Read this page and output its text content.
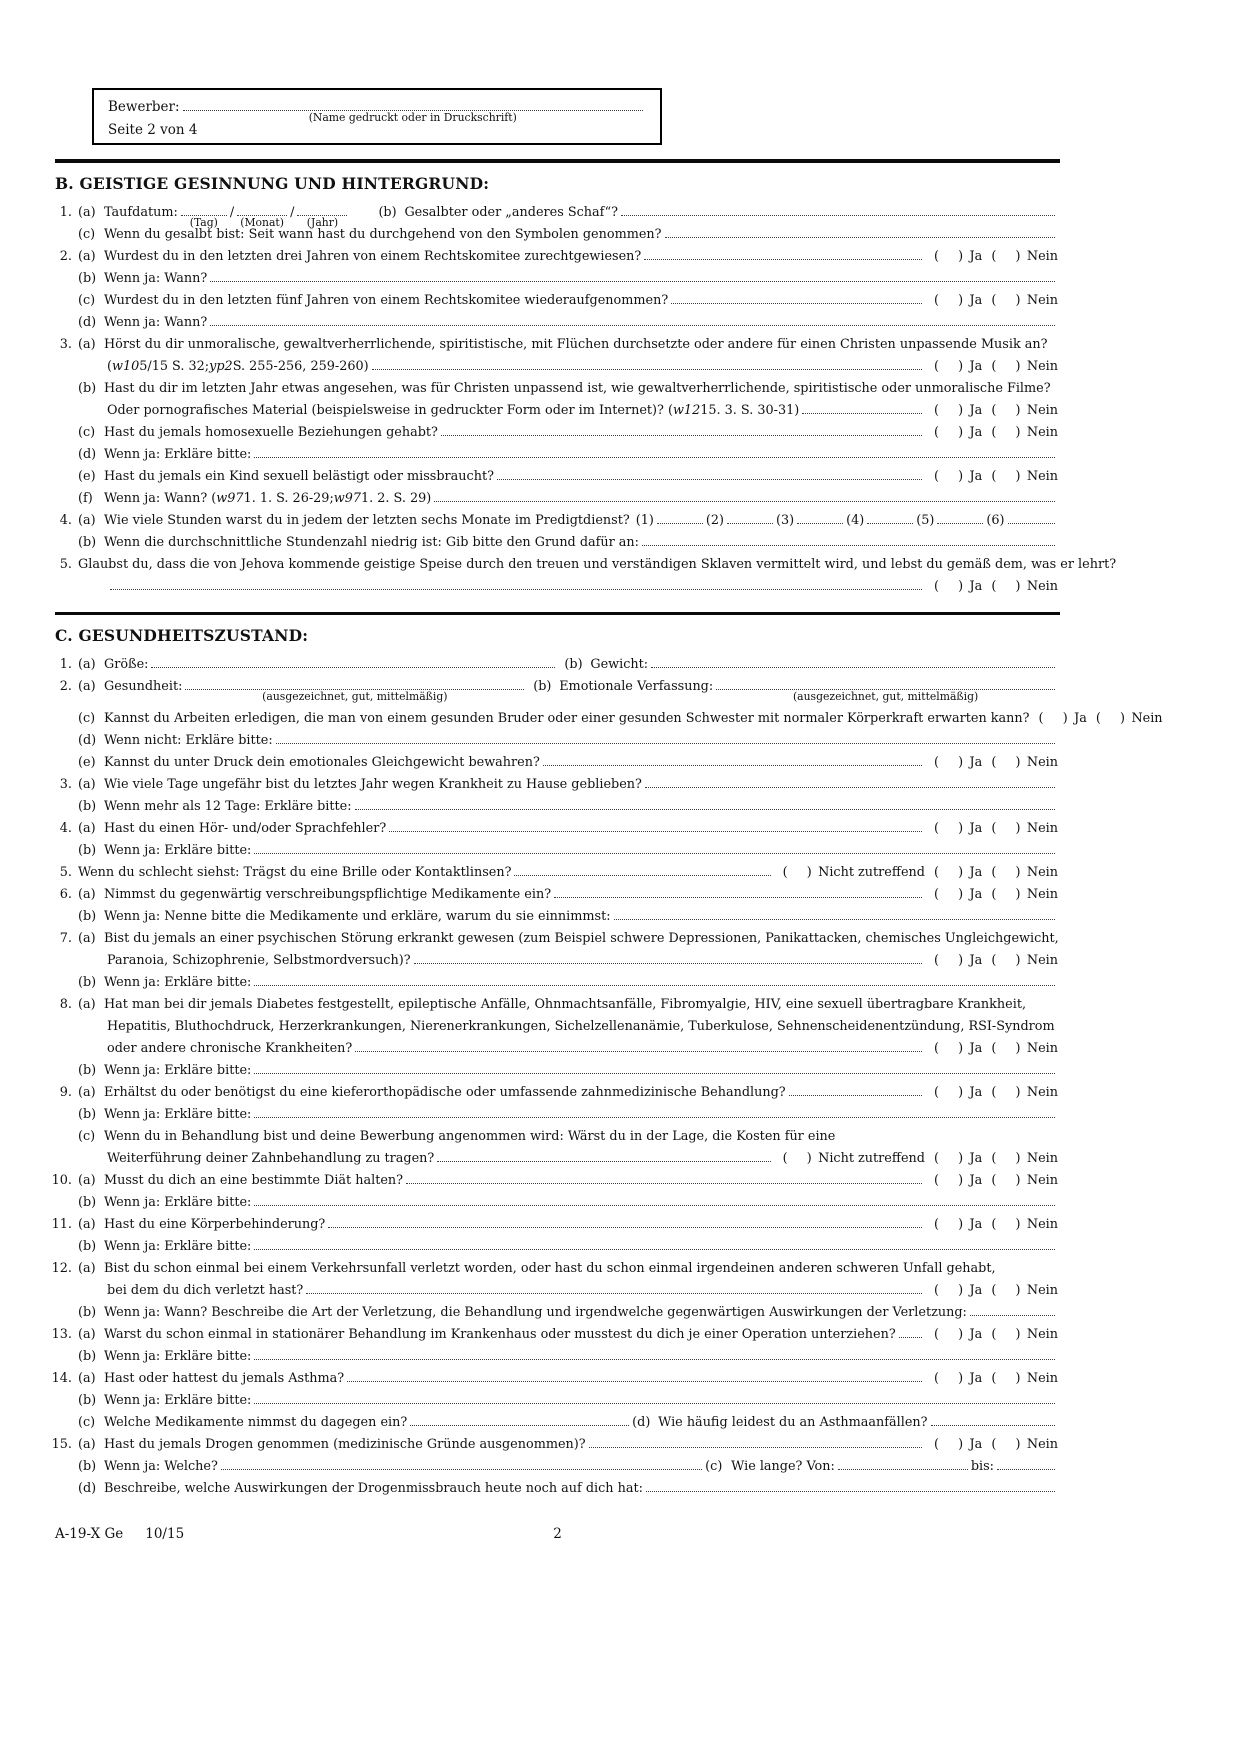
Bewerber:
(Name gedruckt oder in Druckschrift)
Seite 2 von 4
B. GEISTIGE GESINNUNG UND HINTERGRUND:
1. (a) Taufdatum:
(Tag)
/
(Monat)
/
(Jahr)
(b) Gesalbter oder „anderes Schaf“?
(c) Wenn du gesalbt bist: Seit wann hast du durchgehend von den Symbolen genommen?
2. (a) Wurdest du in den letzten drei Jahren von einem Rechtskomitee zurechtgewiesen?	(   ) Ja (   ) Nein
(b) Wenn ja: Wann?
(c) Wurdest du in den letzten fünf Jahren von einem Rechtskomitee wiederaufgenommen?	(   ) Ja (   ) Nein
(d) Wenn ja: Wann?
3. (a) Hörst du dir unmoralische, gewaltverherrlichende, spiritistische, mit Flüchen durchsetzte oder andere für einen Christen unpassende Musik an?
( w10 5/15 S. 32; yp2 S. 255-256, 259-260)	(   ) Ja (   ) Nein
(b) Hast du dir im letzten Jahr etwas angesehen, was für Christen unpassend ist, wie gewaltverherrlichende, spiritistische oder unmoralische Filme?
Oder pornografisches Material (beispielsweise in gedruckter Form oder im Internet)? ( w12 15. 3. S. 30-31)	(   ) Ja (   ) Nein
(c) Hast du jemals homosexuelle Beziehungen gehabt?	(   ) Ja (   ) Nein
(d) Wenn ja: Erkläre bitte:
(e) Hast du jemals ein Kind sexuell belästigt oder missbraucht?	(   ) Ja (   ) Nein
(f) Wenn ja: Wann? ( w97 1. 1. S. 26-29; w97 1. 2. S. 29)
4. (a) Wie viele Stunden warst du in jedem der letzten sechs Monate im Predigtdienst? (1)	(2)	(3)	(4)	(5)	(6)
(b) Wenn die durchschnittliche Stundenzahl niedrig ist: Gib bitte den Grund dafür an:
5. Glaubst du, dass die von Jehova kommende geistige Speise durch den treuen und verständigen Sklaven vermittelt wird, und lebst du gemäß dem, was er lehrt?
(   ) Ja (   ) Nein
C. GESUNDHEITSZUSTAND:
1. (a) Größe:	(b) Gewicht:
2. (a) Gesundheit:
(ausgezeichnet, gut, mittelmäßig)
(b) Emotionale Verfassung:
(ausgezeichnet, gut, mittelmäßig)
(c) Kannst du Arbeiten erledigen, die man von einem gesunden Bruder oder einer gesunden Schwester mit normaler Körperkraft erwarten kann? (   ) Ja (   ) Nein
(d) Wenn nicht: Erkläre bitte:
(e) Kannst du unter Druck dein emotionales Gleichgewicht bewahren?	(   ) Ja (   ) Nein
3. (a) Wie viele Tage ungefähr bist du letztes Jahr wegen Krankheit zu Hause geblieben?
(b) Wenn mehr als 12 Tage: Erkläre bitte:
4. (a) Hast du einen Hör- und/oder Sprachfehler?	(   ) Ja (   ) Nein
(b) Wenn ja: Erkläre bitte:
5. Wenn du schlecht siehst: Trägst du eine Brille oder Kontaktlinsen?	(   ) Nicht zutreffend (   ) Ja (   ) Nein
6. (a) Nimmst du gegenwärtig verschreibungspflichtige Medikamente ein?	(   ) Ja (   ) Nein
(b) Wenn ja: Nenne bitte die Medikamente und erkläre, warum du sie einnimmst:
7. (a) Bist du jemals an einer psychischen Störung erkrankt gewesen (zum Beispiel schwere Depressionen, Panikattacken, chemisches Ungleichgewicht,
Paranoia, Schizophrenie, Selbstmordversuch)?	(   ) Ja (   ) Nein
(b) Wenn ja: Erkläre bitte:
8. (a) Hat man bei dir jemals Diabetes festgestellt, epileptische Anfälle, Ohnmachtsanfälle, Fibromyalgie, HIV, eine sexuell übertragbare Krankheit,
Hepatitis, Bluthochdruck, Herzerkrankungen, Nierenerkrankungen, Sichelzellenanämie, Tuberkulose, Sehnenscheidenentzündung, RSI-Syndrom
oder andere chronische Krankheiten?	(   ) Ja (   ) Nein
(b) Wenn ja: Erkläre bitte:
9. (a) Erhältst du oder benötigst du eine kieferorthopädische oder umfassende zahnmedizinische Behandlung?	(   ) Ja (   ) Nein
(b) Wenn ja: Erkläre bitte:
(c) Wenn du in Behandlung bist und deine Bewerbung angenommen wird: Wärst du in der Lage, die Kosten für eine
Weiterführung deiner Zahnbehandlung zu tragen?	(   ) Nicht zutreffend (   ) Ja (   ) Nein
10. (a) Musst du dich an eine bestimmte Diät halten?	(   ) Ja (   ) Nein
(b) Wenn ja: Erkläre bitte:
11. (a) Hast du eine Körperbehinderung?	(   ) Ja (   ) Nein
(b) Wenn ja: Erkläre bitte:
12. (a) Bist du schon einmal bei einem Verkehrsunfall verletzt worden, oder hast du schon einmal irgendeinen anderen schweren Unfall gehabt,
bei dem du dich verletzt hast?	(   ) Ja (   ) Nein
(b) Wenn ja: Wann? Beschreibe die Art der Verletzung, die Behandlung und irgendwelche gegenwärtigen Auswirkungen der Verletzung:
13. (a) Warst du schon einmal in stationärer Behandlung im Krankenhaus oder musstest du dich je einer Operation unterziehen?	(   ) Ja (   ) Nein
(b) Wenn ja: Erkläre bitte:
14. (a) Hast oder hattest du jemals Asthma?	(   ) Ja (   ) Nein
(b) Wenn ja: Erkläre bitte:
(c) Welche Medikamente nimmst du dagegen ein?	(d) Wie häufig leidest du an Asthmaanfällen?
15. (a) Hast du jemals Drogen genommen (medizinische Gründe ausgenommen)?	(   ) Ja (   ) Nein
(b) Wenn ja: Welche?	(c) Wie lange? Von:	bis:
(d) Beschreibe, welche Auswirkungen der Drogenmissbrauch heute noch auf dich hat:
A-19-X Ge 10/15	2
